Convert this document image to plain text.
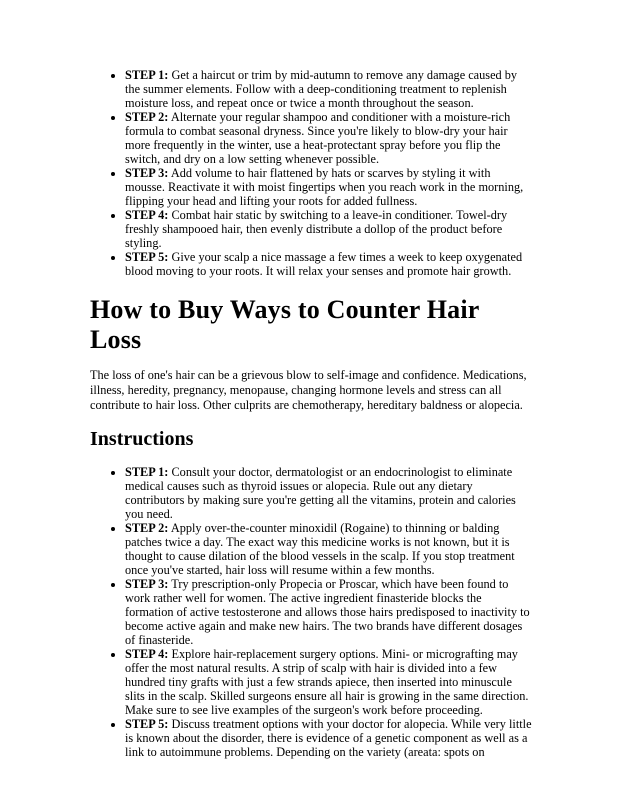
• STEP 1: Get a haircut or trim by mid-autumn to remove any damage caused by the summer elements. Follow with a deep-conditioning treatment to replenish moisture loss, and repeat once or twice a month throughout the season.
• STEP 2: Alternate your regular shampoo and conditioner with a moisture-rich formula to combat seasonal dryness. Since you're likely to blow-dry your hair more frequently in the winter, use a heat-protectant spray before you flip the switch, and dry on a low setting whenever possible.
• STEP 3: Add volume to hair flattened by hats or scarves by styling it with mousse. Reactivate it with moist fingertips when you reach work in the morning, flipping your head and lifting your roots for added fullness.
• STEP 4: Combat hair static by switching to a leave-in conditioner. Towel-dry freshly shampooed hair, then evenly distribute a dollop of the product before styling.
• STEP 5: Give your scalp a nice massage a few times a week to keep oxygenated blood moving to your roots. It will relax your senses and promote hair growth.
How to Buy Ways to Counter Hair Loss

The loss of one's hair can be a grievous blow to self-image and confidence. Medications, illness, heredity, pregnancy, menopause, changing hormone levels and stress can all contribute to hair loss. Other culprits are chemotherapy, hereditary baldness or alopecia.

Instructions
• STEP 1: Consult your doctor, dermatologist or an endocrinologist to eliminate medical causes such as thyroid issues or alopecia. Rule out any dietary contributors by making sure you're getting all the vitamins, protein and calories you need.
• STEP 2: Apply over-the-counter minoxidil (Rogaine) to thinning or balding patches twice a day. The exact way this medicine works is not known, but it is thought to cause dilation of the blood vessels in the scalp. If you stop treatment once you've started, hair loss will resume within a few months.
• STEP 3: Try prescription-only Propecia or Proscar, which have been found to work rather well for women. The active ingredient finasteride blocks the formation of active testosterone and allows those hairs predisposed to inactivity to become active again and make new hairs. The two brands have different dosages of finasteride.
• STEP 4: Explore hair-replacement surgery options. Mini- or micrografting may offer the most natural results. A strip of scalp with hair is divided into a few hundred tiny grafts with just a few strands apiece, then inserted into minuscule slits in the scalp. Skilled surgeons ensure all hair is growing in the same direction. Make sure to see live examples of the surgeon's work before proceeding.
• STEP 5: Discuss treatment options with your doctor for alopecia. While very little is known about the disorder, there is evidence of a genetic component as well as a link to autoimmune problems. Depending on the variety (areata: spots on
